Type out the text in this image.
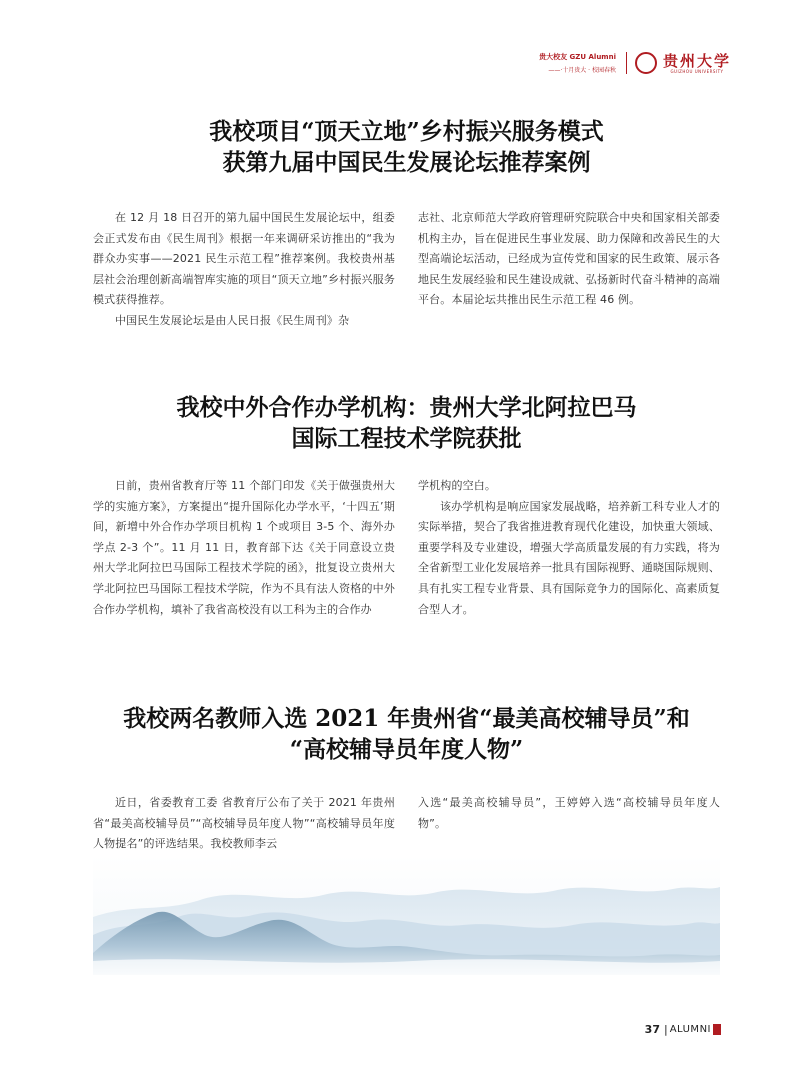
贵大校友 GZU Alumni
——·十月贵大 · 校园春秋
贵州大学
GUIZHOU UNIVERSITY
我校项目“顶天立地”乡村振兴服务模式
获第九届中国民生发展论坛推荐案例

在 12 月 18 日召开的第九届中国民生发展论坛中，组委会正式发布由《民生周刊》根据一年来调研采访推出的“我为群众办实事——2021 民生示范工程”推荐案例。我校贵州基层社会治理创新高端智库实施的项目“顶天立地”乡村振兴服务模式获得推荐。

中国民生发展论坛是由人民日报《民生周刊》杂

志社、北京师范大学政府管理研究院联合中央和国家相关部委机构主办，旨在促进民生事业发展、助力保障和改善民生的大型高端论坛活动，已经成为宣传党和国家的民生政策、展示各地民生发展经验和民生建设成就、弘扬新时代奋斗精神的高端平台。本届论坛共推出民生示范工程 46 例。

我校中外合作办学机构：贵州大学北阿拉巴马
国际工程技术学院获批

日前，贵州省教育厅等 11 个部门印发《关于做强贵州大学的实施方案》，方案提出“提升国际化办学水平，‘十四五’期间，新增中外合作办学项目机构 1 个或项目 3-5 个、海外办学点 2-3 个”。11 月 11 日，教育部下达《关于同意设立贵州大学北阿拉巴马国际工程技术学院的函》，批复设立贵州大学北阿拉巴马国际工程技术学院，作为不具有法人资格的中外合作办学机构，填补了我省高校没有以工科为主的合作办

学机构的空白。

该办学机构是响应国家发展战略，培养新工科专业人才的实际举措，契合了我省推进教育现代化建设，加快重大领域、重要学科及专业建设，增强大学高质量发展的有力实践，将为全省新型工业化发展培养一批具有国际视野、通晓国际规则、具有扎实工程专业背景、具有国际竞争力的国际化、高素质复合型人才。

我校两名教师入选 2021 年贵州省“最美高校辅导员”和
“高校辅导员年度人物”

近日，省委教育工委 省教育厅公布了关于 2021 年贵州省“最美高校辅导员”“高校辅导员年度人物”“高校辅导员年度人物提名”的评选结果。我校教师李云

入选“最美高校辅导员”，王婷婷入选“高校辅导员年度人物”。

37 | ALUMNI
